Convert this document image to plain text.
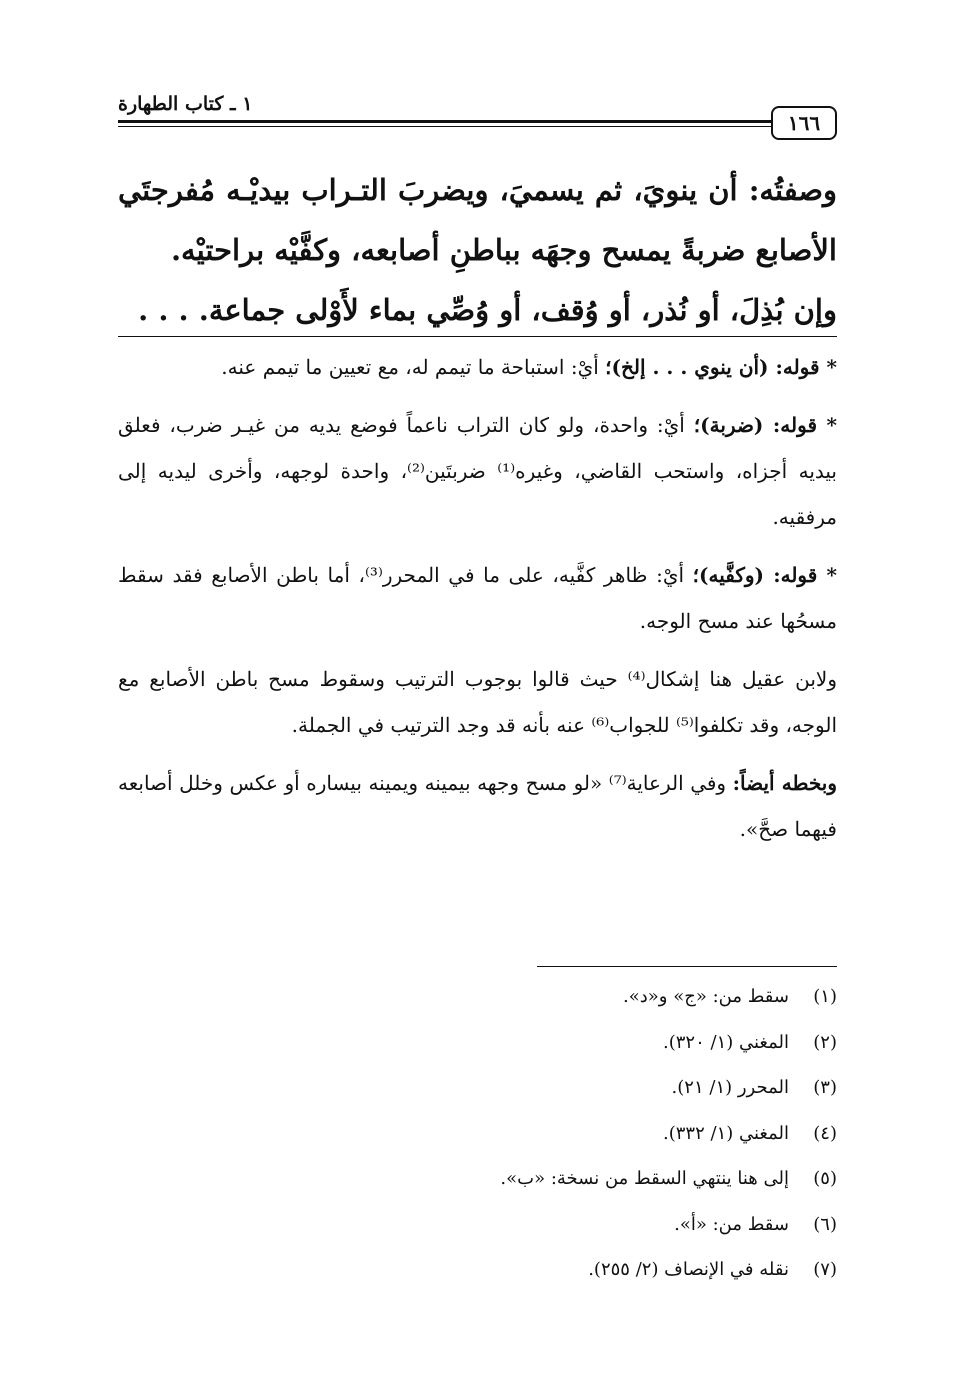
١٦٦
١ ـ كتاب الطهارة

وصفتُه: أن ينويَ، ثم يسميَ، ويضربَ التـراب بيديْـه مُفرجتَي الأصابع ضربةً يمسح وجهَه بباطنِ أصابعه، وكفَّيْه براحتيْه.

وإن بُذِلَ، أو نُذر، أو وُقف، أو وُصِّي بماء لأَوْلى جماعة. . . .

* قوله: (أن ينوي . . . إلخ)؛ أيْ: استباحة ما تيمم له، مع تعيين ما تيمم عنه.

* قوله: (ضربة)؛ أيْ: واحدة، ولو كان التراب ناعماً فوضع يديه من غيـر ضرب، فعلق بيديه أجزاه، واستحب القاضي، وغيره⁽¹⁾ ضربتَين⁽²⁾، واحدة لوجهه، وأخرى ليديه إلى مرفقيه.

* قوله: (وكفَّيه)؛ أيْ: ظاهر كفَّيه، على ما في المحرر⁽³⁾، أما باطن الأصابع فقد سقط مسحُها عند مسح الوجه.

ولابن عقيل هنا إشكال⁽⁴⁾ حيث قالوا بوجوب الترتيب وسقوط مسح باطن الأصابع مع الوجه، وقد تكلفوا⁽⁵⁾ للجواب⁽⁶⁾ عنه بأنه قد وجد الترتيب في الجملة.

وبخطه أيضاً: وفي الرعاية⁽⁷⁾ «لو مسح وجهه بيمينه ويمينه بيساره أو عكس وخلل أصابعه فيهما صحَّ».

(١)سقط من: «ج» و«د».
(٢)المغني (١/ ٣٢٠).
(٣)المحرر (١/ ٢١).
(٤)المغني (١/ ٣٣٢).
(٥)إلى هنا ينتهي السقط من نسخة: «ب».
(٦)سقط من: «أ».
(٧)نقله في الإنصاف (٢/ ٢٥٥).
